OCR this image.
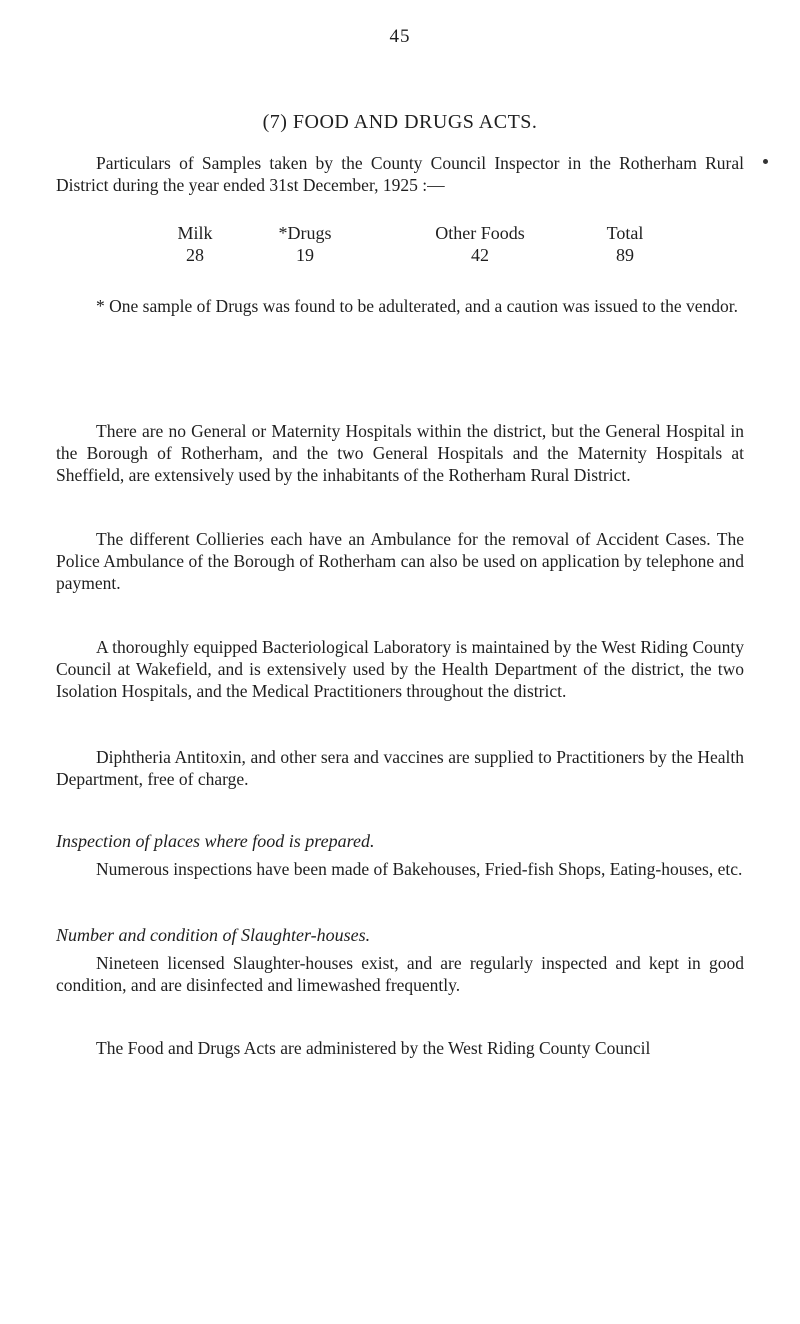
45
(7) FOOD AND DRUGS ACTS.

Particulars of Samples taken by the County Council Inspector in the Rotherham Rural District during the year ended 31st December, 1925 :—

Milk	*Drugs	Other Foods	Total
28	19	42	89

* One sample of Drugs was found to be adulterated, and a caution was issued to the vendor.

There are no General or Maternity Hospitals within the district, but the General Hospital in the Borough of Rotherham, and the two General Hospitals and the Maternity Hospitals at Sheffield, are extensively used by the inhabitants of the Rotherham Rural District.

The different Collieries each have an Ambulance for the removal of Accident Cases. The Police Ambulance of the Borough of Rotherham can also be used on application by telephone and payment.

A thoroughly equipped Bacteriological Laboratory is maintained by the West Riding County Council at Wakefield, and is extensively used by the Health Department of the district, the two Isolation Hospitals, and the Medical Practitioners throughout the district.

Diphtheria Antitoxin, and other sera and vaccines are supplied to Practitioners by the Health Department, free of charge.

Inspection of places where food is prepared.

Numerous inspections have been made of Bakehouses, Fried-fish Shops, Eating-houses, etc.

Number and condition of Slaughter-houses.

Nineteen licensed Slaughter-houses exist, and are regularly inspected and kept in good condition, and are disinfected and limewashed frequently.

The Food and Drugs Acts are administered by the West Riding County Council
